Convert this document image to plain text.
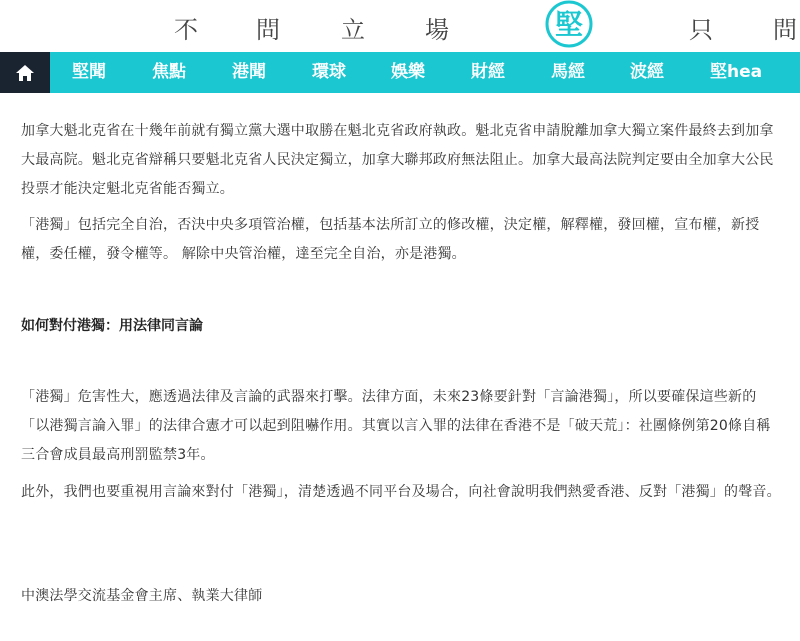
不 問	立	場	堅	只	問
堅聞	焦點	港聞	環球	娛樂	財經	馬經	波經	堅hea

加拿大魁北克省在十幾年前就有獨立黨大選中取勝在魁北克省政府執政。魁北克省申請脫離加拿大獨立案件最終去到加拿大最高院。魁北克省辯稱只要魁北克省人民決定獨立，加拿大聯邦政府無法阻止。加拿大最高法院判定要由全加拿大公民投票才能決定魁北克省能否獨立。

「港獨」包括完全自治，否決中央多項管治權，包括基本法所訂立的修改權，決定權，解釋權，發回權，宣布權，新授權，委任權，發令權等。 解除中央管治權，達至完全自治，亦是港獨。

如何對付港獨：用法律同言論

「港獨」危害性大，應透過法律及言論的武器來打擊。法律方面，未來23條要針對「言論港獨」，所以要確保這些新的「以港獨言論入罪」的法律合憲才可以起到阻嚇作用。其實以言入罪的法律在香港不是「破天荒」：社團條例第20條自稱三合會成員最高刑罰監禁3年。

此外，我們也要重視用言論來對付「港獨」，清楚透過不同平台及場合，向社會說明我們熱愛香港、反對「港獨」的聲音。

中澳法學交流基金會主席、執業大律師
